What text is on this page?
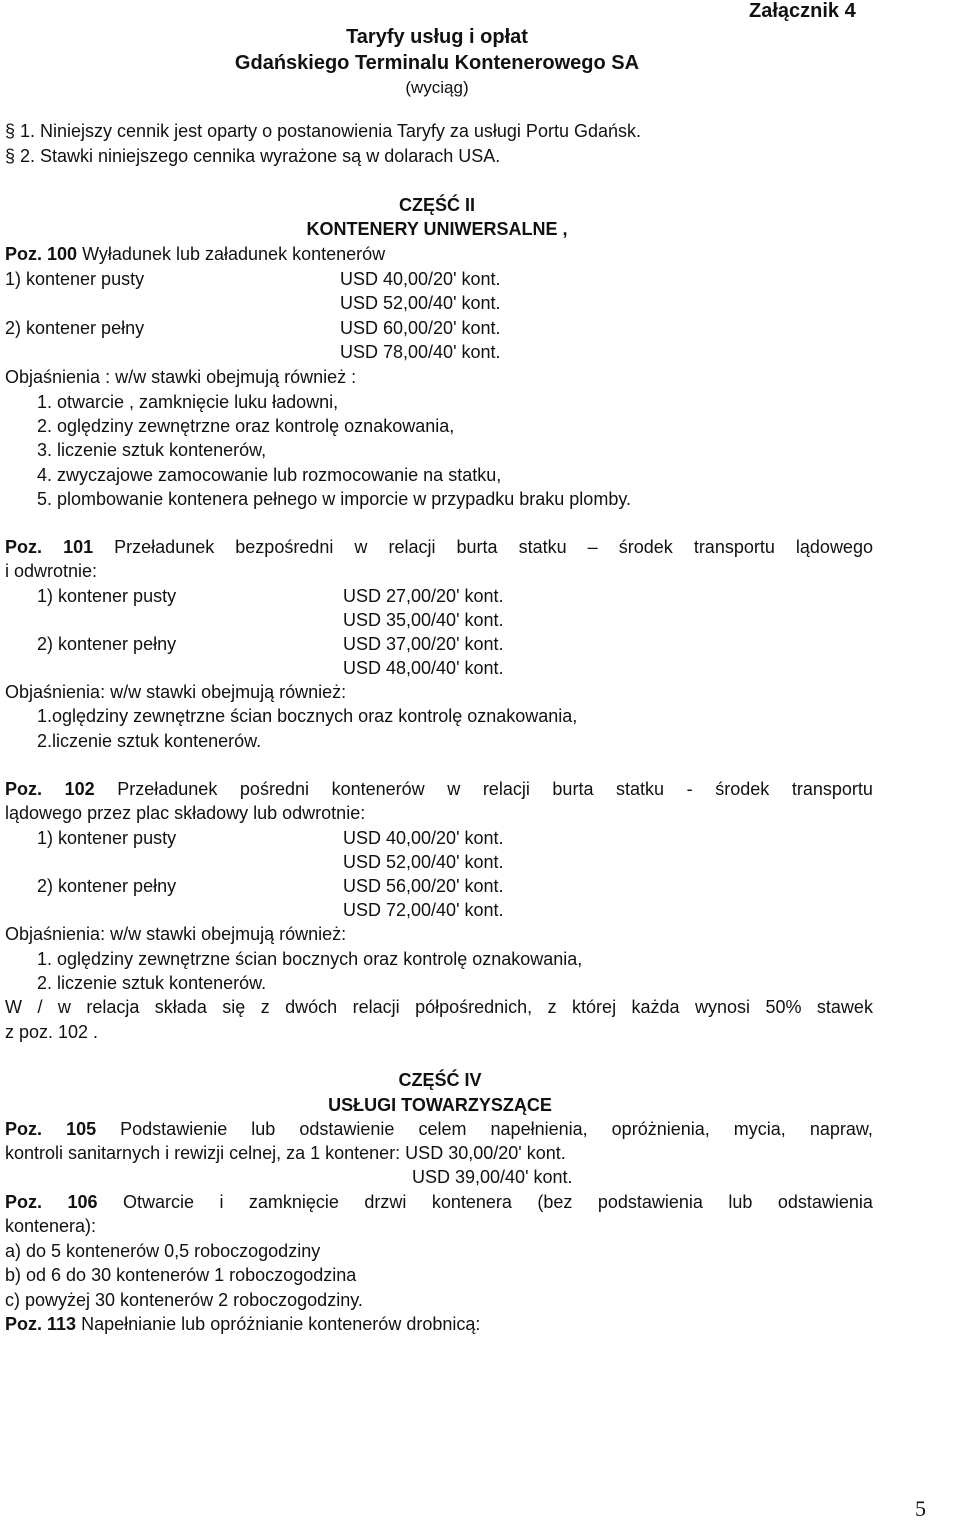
Załącznik 4
Taryfy usług i opłat
Gdańskiego Terminalu Kontenerowego SA
(wyciąg)
§ 1. Niniejszy cennik jest oparty o postanowienia Taryfy za usługi Portu Gdańsk.
§ 2. Stawki niniejszego cennika wyrażone są w dolarach USA.
CZĘŚĆ II
KONTENERY UNIWERSALNE ,
Poz. 100 Wyładunek lub załadunek kontenerów
1) kontener pusty	USD 40,00/20' kont.
USD 52,00/40' kont.
2) kontener pełny	USD 60,00/20' kont.
USD 78,00/40' kont.
Objaśnienia : w/w stawki obejmują również :
1. otwarcie , zamknięcie luku ładowni,
2. oględziny zewnętrzne oraz kontrolę oznakowania,
3. liczenie sztuk kontenerów,
4. zwyczajowe zamocowanie lub rozmocowanie na statku,
5. plombowanie kontenera pełnego w imporcie w przypadku braku plomby.
Poz. 101 Przeładunek bezpośredni w relacji burta statku – środek transportu lądowego
i odwrotnie:
1) kontener pusty	USD 27,00/20' kont.
USD 35,00/40' kont.
2) kontener pełny	USD 37,00/20' kont.
USD 48,00/40' kont.
Objaśnienia: w/w stawki obejmują również:
1.oględziny zewnętrzne ścian bocznych oraz kontrolę oznakowania,
2.liczenie sztuk kontenerów.
Poz. 102 Przeładunek pośredni kontenerów w relacji burta statku - środek transportu
lądowego przez plac składowy lub odwrotnie:
1) kontener pusty	USD 40,00/20' kont.
USD 52,00/40' kont.
2) kontener pełny	USD 56,00/20' kont.
USD 72,00/40' kont.
Objaśnienia: w/w stawki obejmują również:
1. oględziny zewnętrzne ścian bocznych oraz kontrolę oznakowania,
2. liczenie sztuk kontenerów.
W / w relacja składa się z dwóch relacji półpośrednich, z której każda wynosi 50% stawek
z poz. 102 .
CZĘŚĆ IV
USŁUGI TOWARZYSZĄCE
Poz. 105 Podstawienie lub odstawienie celem napełnienia, opróżnienia, mycia, napraw,
kontroli sanitarnych i rewizji celnej, za 1 kontener: USD 30,00/20' kont.
USD 39,00/40' kont.
Poz. 106 Otwarcie i zamknięcie drzwi kontenera (bez podstawienia lub odstawienia
kontenera):
a) do 5 kontenerów 0,5 roboczogodziny
b) od 6 do 30 kontenerów 1 roboczogodzina
c) powyżej 30 kontenerów 2 roboczogodziny.
Poz. 113 Napełnianie lub opróżnianie kontenerów drobnicą:
5
